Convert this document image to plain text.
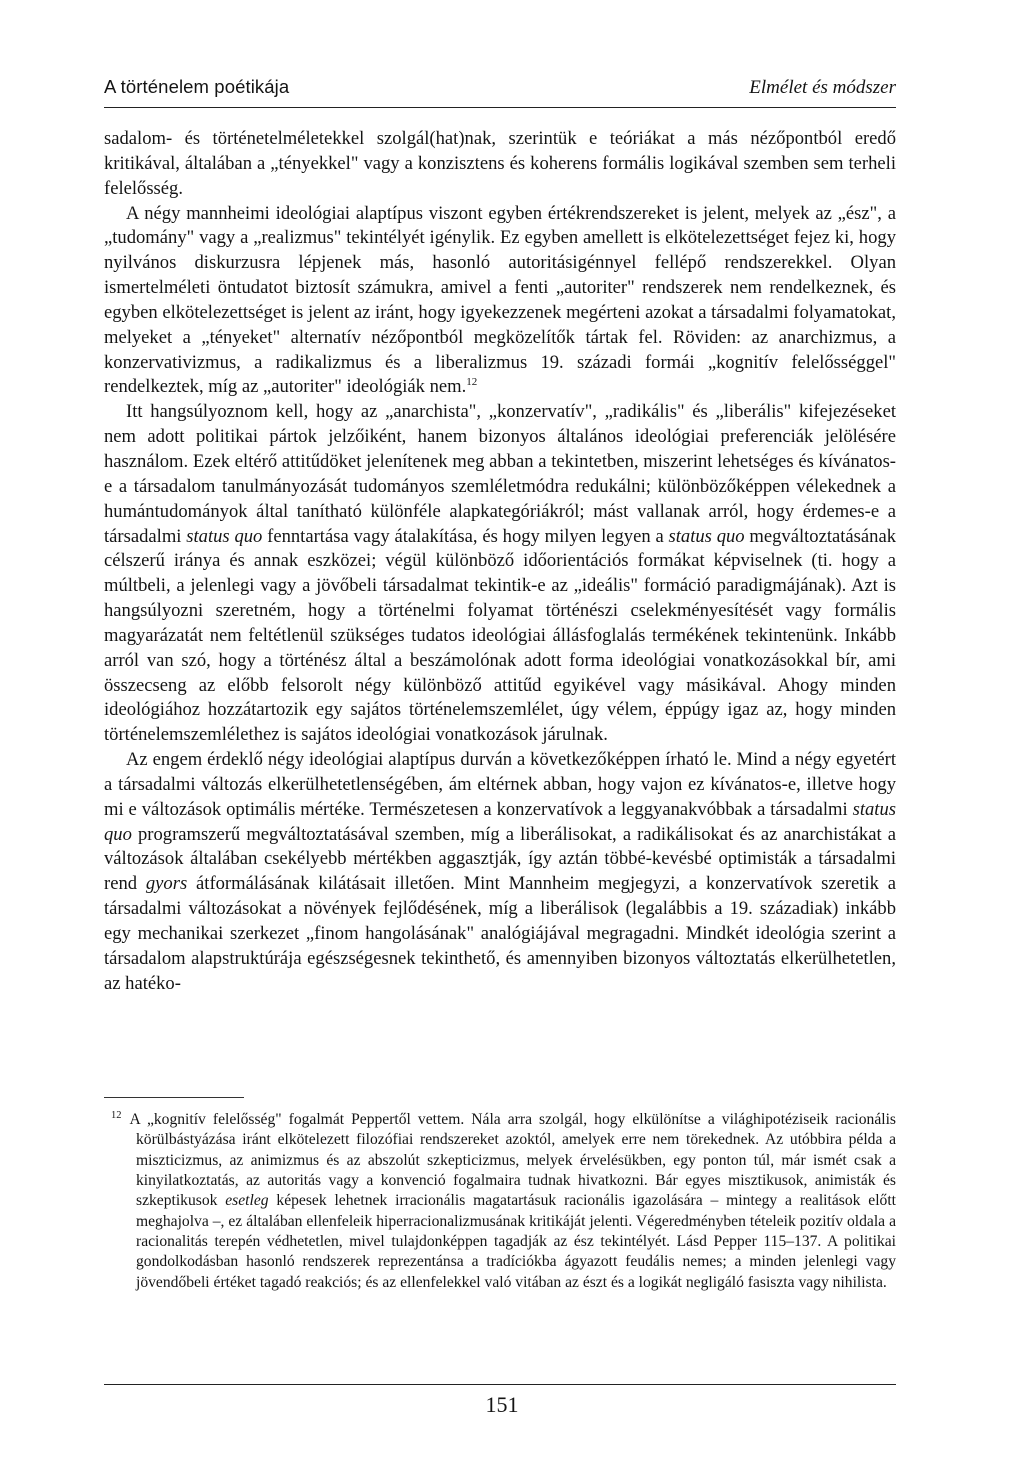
A történelem poétikája	Elmélet és módszer

sadalom- és történetelméletekkel szolgál(hat)nak, szerintük e teóriákat a más nézőpontból eredő kritikával, általában a „tényekkel" vagy a konzisztens és koherens formális logikával szemben sem terheli felelősség.

A négy mannheimi ideológiai alaptípus viszont egyben értékrendszereket is jelent, melyek az „ész", a „tudomány" vagy a „realizmus" tekintélyét igénylik. Ez egyben amellett is elkötelezettséget fejez ki, hogy nyilvános diskurzusra lépjenek más, hasonló autoritásigénnyel fellépő rendszerekkel. Olyan ismertelméleti öntudatot biztosít számukra, amivel a fenti „autoriter" rendszerek nem rendelkeznek, és egyben elkötelezettséget is jelent az iránt, hogy igyekezzenek megérteni azokat a társadalmi folyamatokat, melyeket a „tényeket" alternatív nézőpontból megközelítők tártak fel. Röviden: az anarchizmus, a konzervativizmus, a radikalizmus és a liberalizmus 19. századi formái „kognitív felelősséggel" rendelkeztek, míg az „autoriter" ideológiák nem.$^{12}$

Itt hangsúlyoznom kell, hogy az „anarchista", „konzervatív", „radikális" és „liberális" kifejezéseket nem adott politikai pártok jelzőiként, hanem bizonyos általános ideológiai preferenciák jelölésére használom. Ezek eltérő attitűdöket jelenítenek meg abban a tekintetben, miszerint lehetséges és kívánatos-e a társadalom tanulmányozását tudományos szemléletmódra redukálni; különbözőképpen vélekednek a humántudományok által tanítható különféle alapkategóriákról; mást vallanak arról, hogy érdemes-e a társadalmi status quo fenntartása vagy átalakítása, és hogy milyen legyen a status quo megváltoztatásának célszerű iránya és annak eszközei; végül különböző időorientációs formákat képviselnek (ti. hogy a múltbeli, a jelenlegi vagy a jövőbeli társadalmat tekintik-e az „ideális" formáció paradigmájának). Azt is hangsúlyozni szeretném, hogy a történelmi folyamat történészi cselekményesítését vagy formális magyarázatát nem feltétlenül szükséges tudatos ideológiai állásfoglalás termékének tekintenünk. Inkább arról van szó, hogy a történész által a beszámolónak adott forma ideológiai vonatkozásokkal bír, ami összecseng az előbb felsorolt négy különböző attitűd egyikével vagy másikával. Ahogy minden ideológiához hozzátartozik egy sajátos történelemszemlélet, úgy vélem, éppúgy igaz az, hogy minden történelemszemlélethez is sajátos ideológiai vonatkozások járulnak.

Az engem érdeklő négy ideológiai alaptípus durván a következőképpen írható le. Mind a négy egyetért a társadalmi változás elkerülhetetlenségében, ám eltérnek abban, hogy vajon ez kívánatos-e, illetve hogy mi e változások optimális mértéke. Természetesen a konzervatívok a leggyanakvóbbak a társadalmi status quo programszerű megváltoztatásával szemben, míg a liberálisokat, a radikálisokat és az anarchistákat a változások általában csekélyebb mértékben aggasztják, így aztán többé-kevésbé optimisták a társadalmi rend gyors átformálásának kilátásait illetően. Mint Mannheim megjegyzi, a konzervatívok szeretik a társadalmi változásokat a növények fejlődésének, míg a liberálisok (legalábbis a 19. századiak) inkább egy mechanikai szerkezet „finom hangolásának" analógiájával megragadni. Mindkét ideológia szerint a társadalom alapstruktúrája egészségesnek tekinthető, és amennyiben bizonyos változtatás elkerülhetetlen, az hatéko-

$^{12}$ A „kognitív felelősség" fogalmát Peppertől vettem. Nála arra szolgál, hogy elkülönítse a világhipotéziseik racionális körülbástyázása iránt elkötelezett filozófiai rendszereket azoktól, amelyek erre nem törekednek. Az utóbbira példa a miszticizmus, az animizmus és az abszolút szkepticizmus, melyek érvelésükben, egy ponton túl, már ismét csak a kinyilatkoztatás, az autoritás vagy a konvenció fogalmaira tudnak hivatkozni. Bár egyes misztikusok, animisták és szkeptikusok esetleg képesek lehetnek irracionális magatartásuk racionális igazolására – mintegy a realitások előtt meghajolva –, ez általában ellenfeleik hiperracionalizmusának kritikáját jelenti. Végeredményben tételeik pozitív oldala a racionalitás terepén védhetetlen, mivel tulajdonképpen tagadják az ész tekintélyét. Lásd Pepper 115–137. A politikai gondolkodásban hasonló rendszerek reprezentánsa a tradíciókba ágyazott feudális nemes; a minden jelenlegi vagy jövendőbeli értéket tagadó reakciós; és az ellenfelekkel való vitában az észt és a logikát negligáló fasiszta vagy nihilista.
151
